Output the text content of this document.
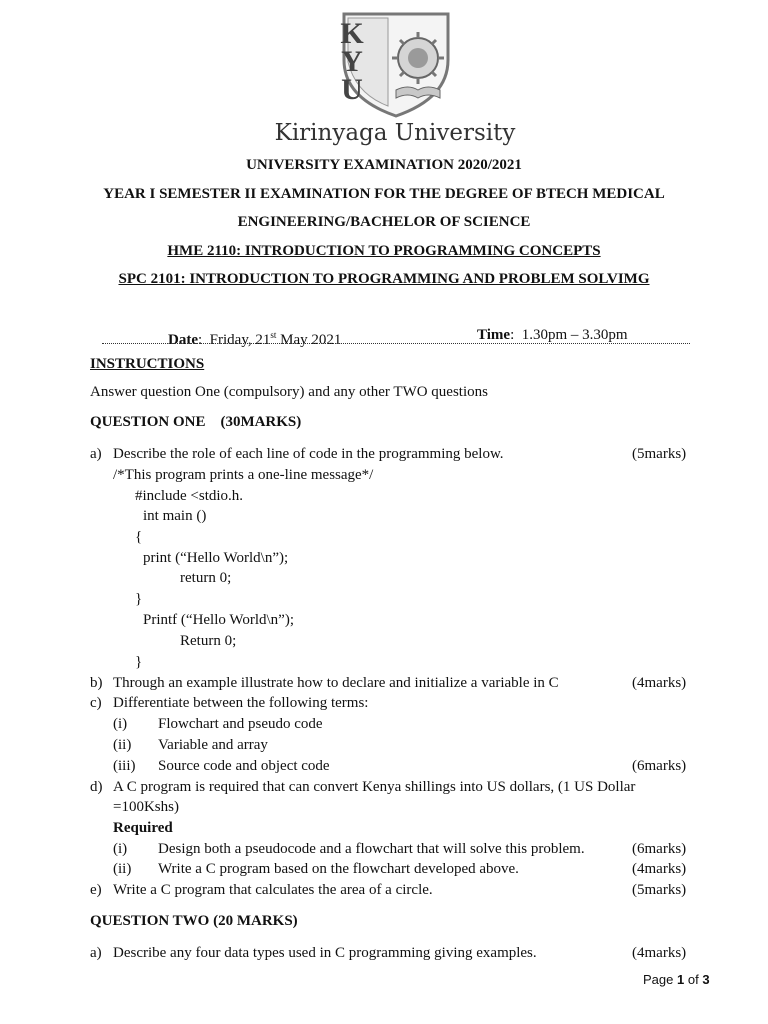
KYU
Kirinyaga University
UNIVERSITY EXAMINATION 2020/2021
YEAR I SEMESTER II EXAMINATION FOR THE DEGREE OF BTECH MEDICAL
ENGINEERING/BACHELOR OF SCIENCE
HME 2110: INTRODUCTION TO PROGRAMMING CONCEPTS
SPC 2101: INTRODUCTION TO PROGRAMMING AND PROBLEM SOLVIMG
Date:  Friday, 21st May 2021	Time:  1.30pm – 3.30pm
INSTRUCTIONS
Answer question One (compulsory) and any other TWO questions
QUESTION ONE    (30MARKS)
a) Describe the role of each line of code in the programming below.	(5marks)
/*This program prints a one-line message*/
#include <stdio.h.
int main ()
{
print (“Hello World\n”);
return 0;
}
Printf (“Hello World\n”);
Return 0;
}
b) Through an example illustrate how to declare and initialize a variable in C	(4marks)
c) Differentiate between the following terms:
(i) Flowchart and pseudo code
(ii) Variable and array
(iii) Source code and object code	(6marks)
d) A C program is required that can convert Kenya shillings into US dollars, (1 US Dollar
=100Kshs)
Required
(i) Design both a pseudocode and a flowchart that will solve this problem.	(6marks)
(ii) Write a C program based on the flowchart developed above.	(4marks)
e) Write a C program that calculates the area of a circle.	(5marks)
QUESTION TWO (20 MARKS)
a) Describe any four data types used in C programming giving examples.	(4marks)
Page 1 of 3
